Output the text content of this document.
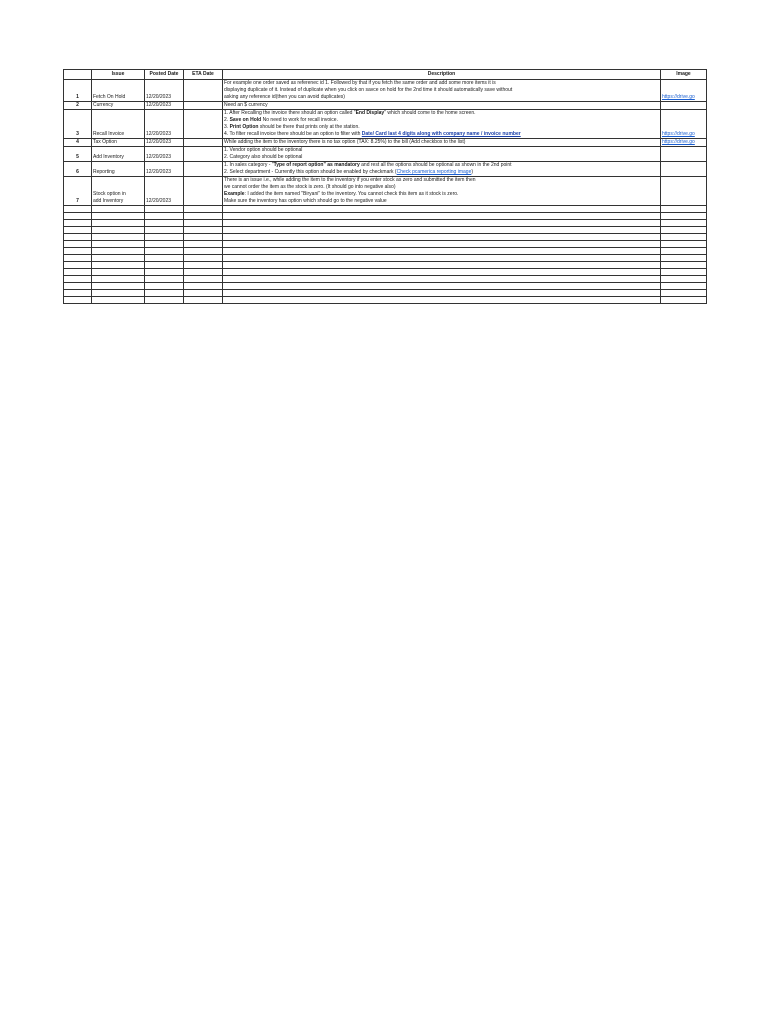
	Issue	Posted Date	ETA Date	Description	Image
1	Fetch On Hold	12/20/2023		For example one order saved as referenec id 1. Followed by that if you fetch the same order and add some more items it is
displaying duplicate of it. Instead of duplicate when you click on savce on hold for the 2nd time it should automatically save without
asking any reference id(then you can avoid duplicates)	https://drive.go
2	Currency	12/20/2023		Need an $ currency	

3	Recall Invoice	12/20/2023		1. After Recalling the invoice there should an option called "End Display" which should come to the home screen.
2. Save on Hold No need to work for recall invoice.
3. Print Option should be there that prints only at the station.
4. To filter recall invoice there should be an option to filter with Date/ Card last 4 digits along with company name / invoice number	https://drive.go
4	Tax Option	12/20/2023		While adding the item to the inventory there is no tax option (TAX: 8.25%) to the bill (Add checkbox to the list)	https://drive.go
5	Add Inventory	12/20/2023		1. Vendor option should be optional
2. Category also should be optional	

6	Reporting	12/20/2023		1. In sales category - "Type of report option" as mandatory and rest all the options should be optional as shown in the 2nd point
2. Select department - Currently this option should be enabled by checkmark (Check pcamerica reporting image)	

7	Stock option in
add Inventory	12/20/2023		There is an issue i.e., while adding the item to the inventory if you enter stock as zero and submitted the item then
we cannot order the item as the stock is zero. (It should go into negative also)
Example: I added the item named "Biryani" to the inventory. You cannot check this item as it stock is zero.
Make sure the inventory has option which should go to the negative value	
